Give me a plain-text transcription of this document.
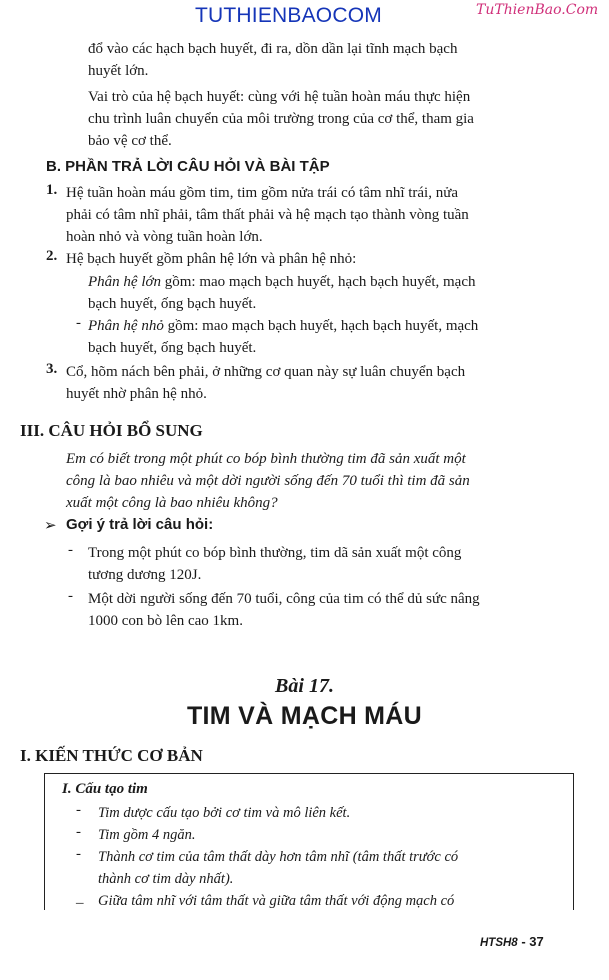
TUTHIENBAOCOM	TuThienBao.Com
đổ vào các hạch bạch huyết, đi ra, dồn dần lại tĩnh mạch bạch
huyết lớn.
Vai trò của hệ bạch huyết: cùng với hệ tuần hoàn máu thực hiện
chu trình luân chuyển của môi trường trong của cơ thể, tham gia
bảo vệ cơ thể.
B. PHẦN TRẢ LỜI CÂU HỎI VÀ BÀI TẬP
1. Hệ tuần hoàn máu gồm tim, tim gồm nửa trái có tâm nhĩ trái, nửa
phải có tâm nhĩ phải, tâm thất phải và hệ mạch tạo thành vòng tuần
hoàn nhỏ và vòng tuần hoàn lớn.
2. Hệ bạch huyết gồm phân hệ lớn và phân hệ nhỏ:
Phân hệ lớn gồm: mao mạch bạch huyết, hạch bạch huyết, mạch
bạch huyết, ống bạch huyết.
- Phân hệ nhỏ gồm: mao mạch bạch huyết, hạch bạch huyết, mạch
bạch huyết, ống bạch huyết.
3. Cổ, hõm nách bên phải, ở những cơ quan này sự luân chuyển bạch
huyết nhờ phân hệ nhỏ.
III. CÂU HỎI BỔ SUNG
Em có biết trong một phút co bóp bình thường tim đã sản xuất một
công là bao nhiêu và một dời người sống đến 70 tuổi thì tim đã sản
xuất một công là bao nhiêu không?
➢ Gợi ý trả lời câu hỏi:
- Trong một phút co bóp bình thường, tim dã sản xuất một công
tương dương 120J.
- Một dời người sống đến 70 tuổi, công của tim có thể dủ sức nâng
1000 con bò lên cao 1km.
Bài 17.
TIM VÀ MẠCH MÁU
I. KIẾN THỨC CƠ BẢN
I. Cấu tạo tim
- Tim dược cấu tạo bởi cơ tim và mô liên kết.
- Tim gồm 4 ngăn.
- Thành cơ tim của tâm thất dày hơn tâm nhĩ (tâm thất trước có
thành cơ tim dày nhất).
_ Giữa tâm nhĩ với tâm thất và giữa tâm thất với động mạch có
HTSH8 - 37
